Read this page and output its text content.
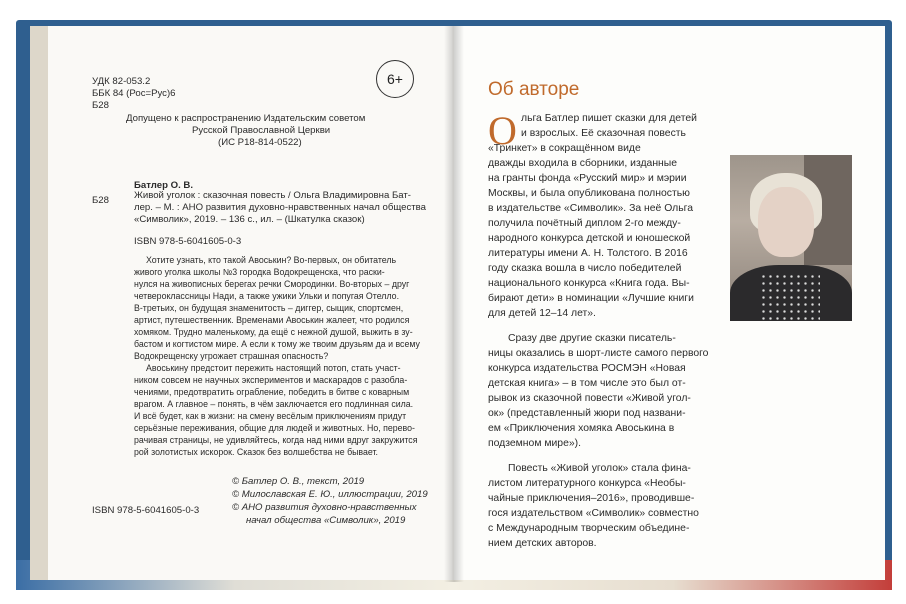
6+
УДК 82-053.2
ББК 84 (Рос=Рус)6
Б28
Допущено к распространению Издательским советом
Русской Православной Церкви
(ИС Р18-814-0522)
Батлер О. В.
Б28	Живой уголок : сказочная повесть / Ольга Владимировна Бат-
лер. – М. : АНО развития духовно-нравственных начал общества
«Символик», 2019. – 136 с., ил. – (Шкатулка сказок)
ISBN 978-5-6041605-0-3
Хотите узнать, кто такой Авоськин? Во-первых, он обитатель
живого уголка школы №3 городка Водокрещенска, что раски-
нулся на живописных берегах речки Смородинки. Во-вторых – друг
четвероклассницы Нади, а также ужики Ульки и попугая Отелло.
В-третьих, он будущая знаменитость – диггер, сыщик, спортсмен,
артист, путешественник. Временами Авоськин жалеет, что родился
хомяком. Трудно маленькому, да ещё с нежной душой, выжить в зу-
бастом и когтистом мире. А если к тому же твоим друзьям да и всему
Водокрещенску угрожает страшная опасность?
Авоськину предстоит пережить настоящий потоп, стать участ-
ником совсем не научных экспериментов и маскарадов с разобла-
чениями, предотвратить ограбление, победить в битве с коварным
врагом. А главное – понять, в чём заключается его подлинная сила.
И всё будет, как в жизни: на смену весёлым приключениям придут
серьёзные переживания, общие для людей и животных. Но, перево-
рачивая страницы, не удивляйтесь, когда над ними вдруг закружится
рой золотистых искорок. Сказок без волшебства не бывает.
ISBN 978-5-6041605-0-3
© Батлер О. В., текст, 2019
© Милославская Е. Ю., иллюстрации, 2019
© АНО развития духовно-нравственных
начал общества «Символик», 2019
Об авторе
О льга Батлер пишет сказки для детей
и взрослых. Её сказочная повесть
«Тринкет» в сокращённом виде
дважды входила в сборники, изданные
на гранты фонда «Русский мир» и мэрии
Москвы, и была опубликована полностью
в издательстве «Символик». За неё Ольга
получила почётный диплом 2-го между-
народного конкурса детской и юношеской
литературы имени А. Н. Толстого. В 2016
году сказка вошла в число победителей
национального конкурса «Книга года. Вы-
бирают дети» в номинации «Лучшие книги
для детей 12–14 лет».
Сразу две другие сказки писатель-
ницы оказались в шорт-листе самого первого
конкурса издательства РОСМЭН «Новая
детская книга» – в том числе это был от-
рывок из сказочной повести «Живой угол-
ок» (представленный жюри под названи-
ем «Приключения хомяка Авоськина в
подземном мире»).
Повесть «Живой уголок» стала фина-
листом литературного конкурса «Необы-
чайные приключения–2016», проводивше-
гося издательством «Символик» совместно
с Международным творческим объедине-
нием детских авторов.
